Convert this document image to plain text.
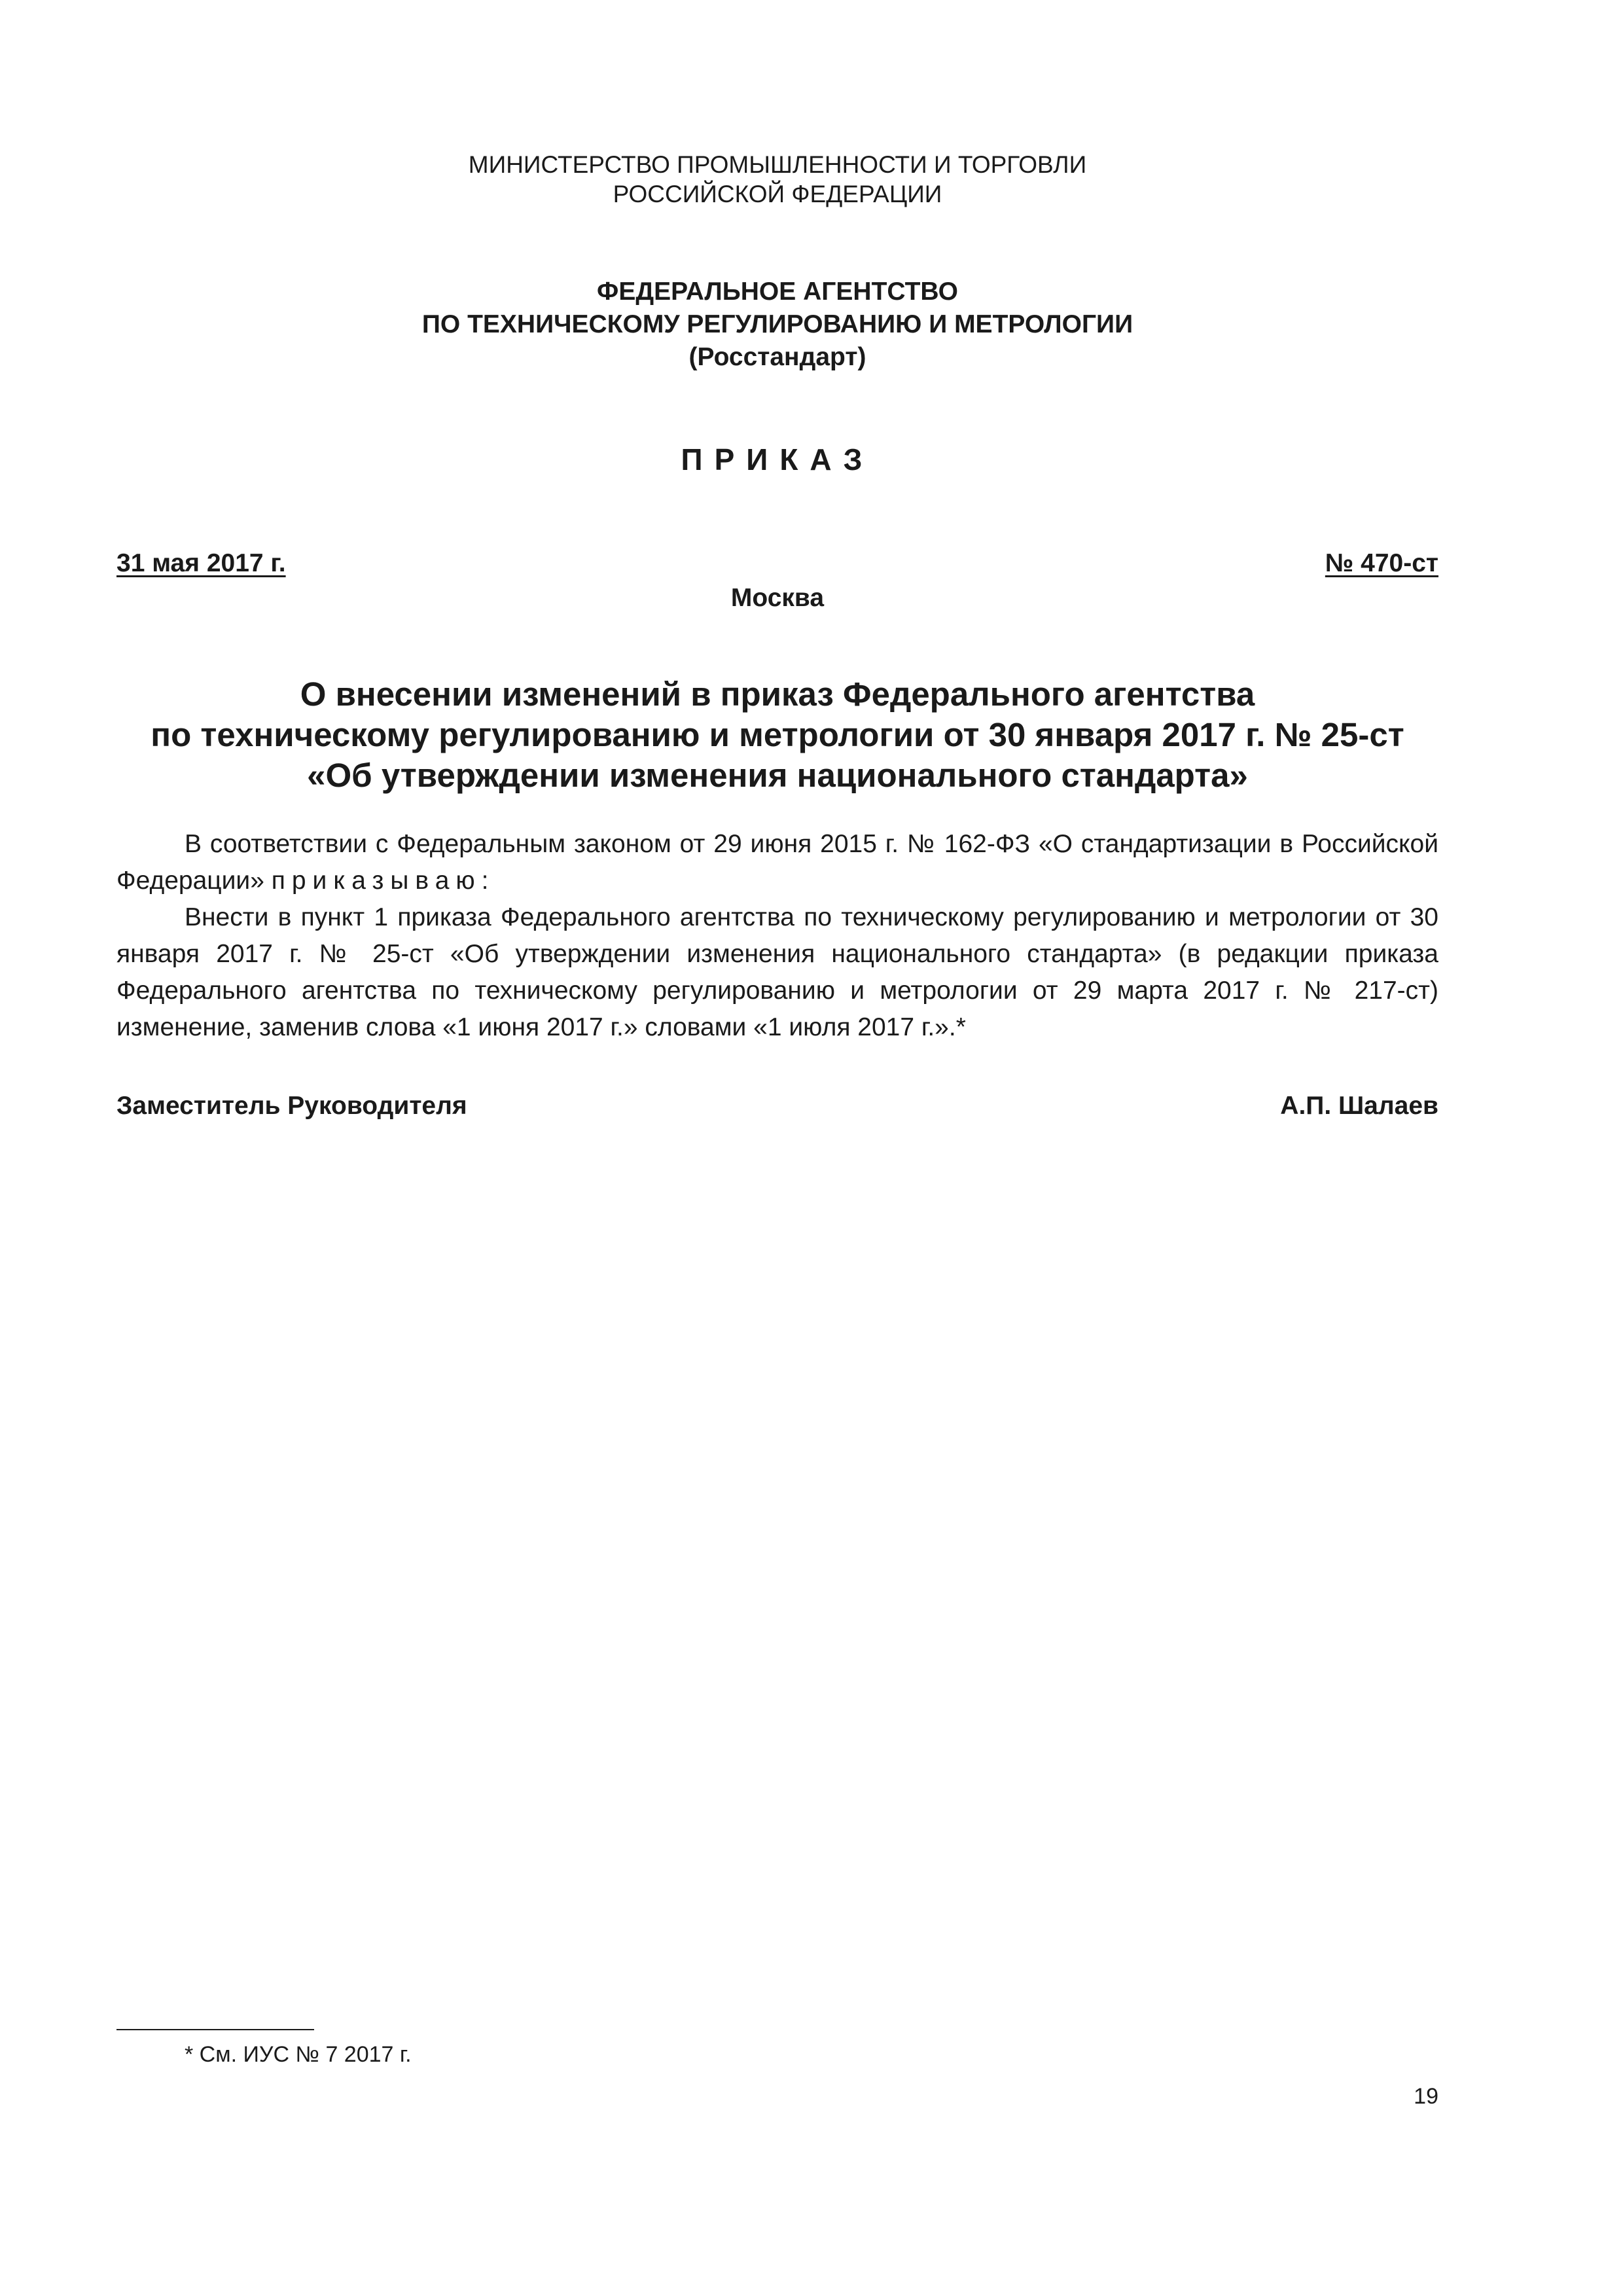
МИНИСТЕРСТВО ПРОМЫШЛЕННОСТИ И ТОРГОВЛИ
РОССИЙСКОЙ ФЕДЕРАЦИИ
ФЕДЕРАЛЬНОЕ АГЕНТСТВО
ПО ТЕХНИЧЕСКОМУ РЕГУЛИРОВАНИЮ И МЕТРОЛОГИИ
(Росстандарт)
ПРИКАЗ
31 мая 2017 г.	№ 470-ст
Москва
О внесении изменений в приказ Федерального агентства
по техническому регулированию и метрологии от 30 января 2017 г. № 25-ст
«Об утверждении изменения национального стандарта»

В соответствии с Федеральным законом от 29 июня 2015 г. № 162-ФЗ «О стандартизации в Российской Федерации» приказываю:

Внести в пункт 1 приказа Федерального агентства по техническому регулированию и метрологии от 30 января 2017 г. № 25-ст «Об утверждении изменения национального стандарта» (в редакции приказа Федерального агентства по техническому регулированию и метрологии от 29 марта 2017 г. № 217-ст) изменение, заменив слова «1 июня 2017 г.» словами «1 июля 2017 г.».*

Заместитель Руководителя	А.П. Шалаев
* См. ИУС № 7 2017 г.
19
